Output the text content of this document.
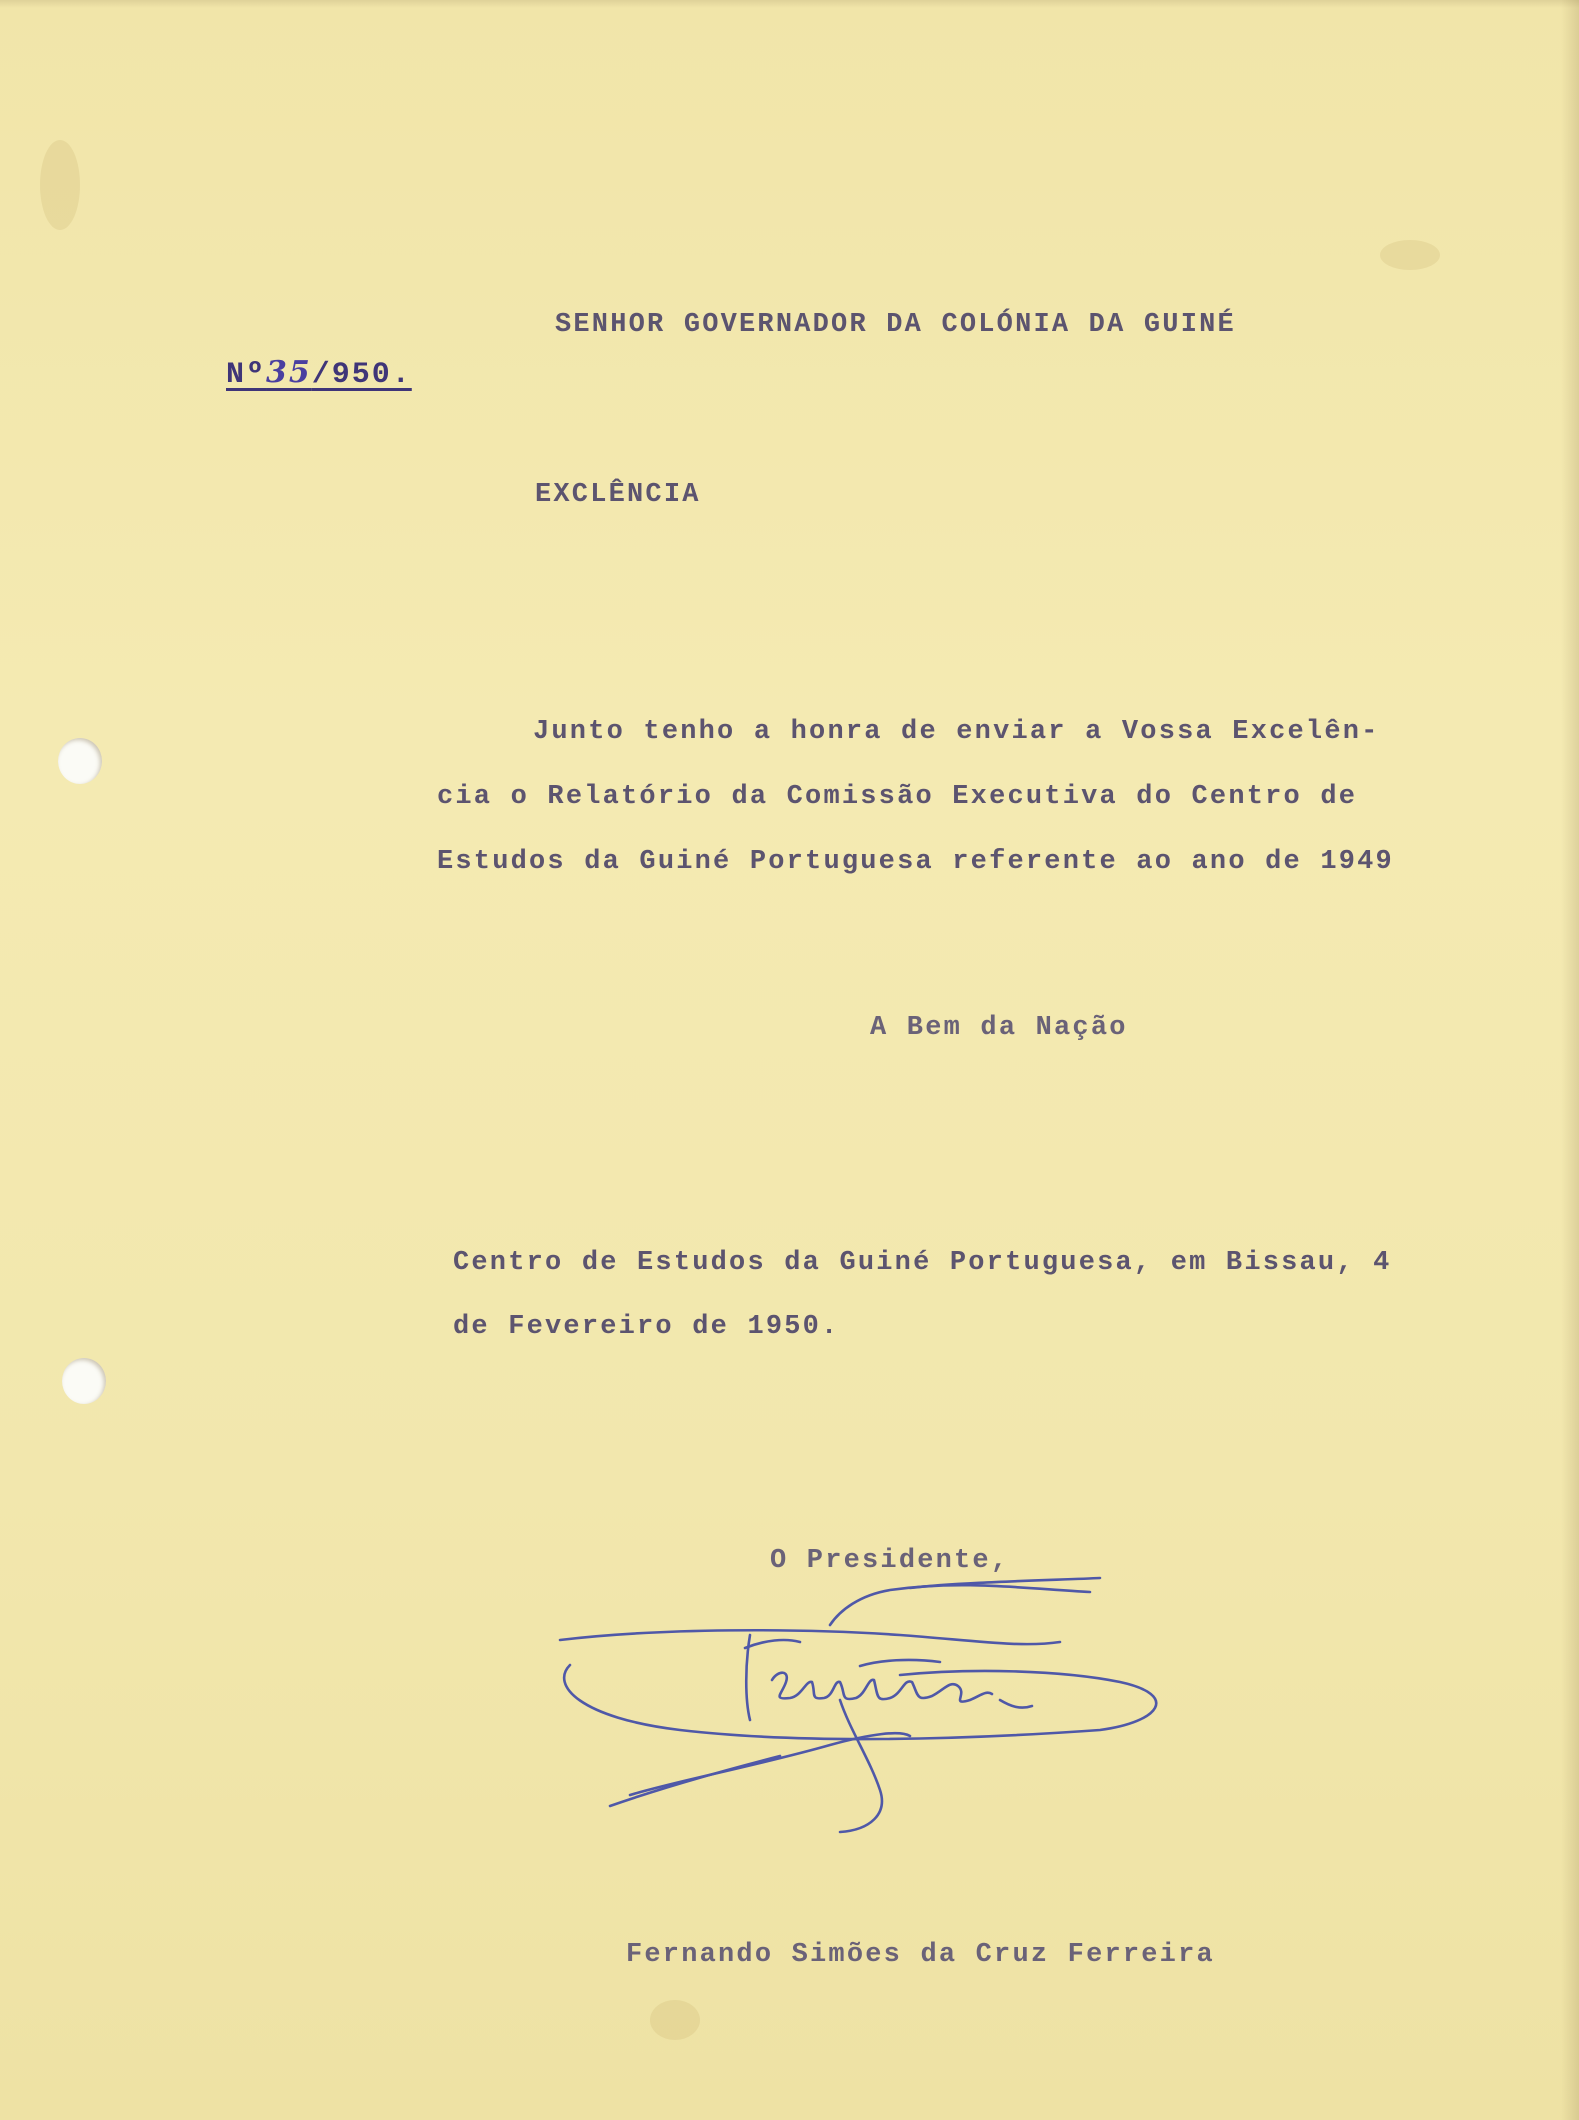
SENHOR GOVERNADOR DA COLÓNIA DA GUINÉ
Nº35/950.
EXCLÊNCIA
Junto tenho a honra de enviar a Vossa Excelên-
cia o Relatório da Comissão Executiva do Centro de
Estudos da Guiné Portuguesa referente ao ano de 1949
A Bem da Nação
Centro de Estudos da Guiné Portuguesa, em Bissau, 4
de Fevereiro de 1950.
O Presidente,
Fernando Simões da Cruz Ferreira
